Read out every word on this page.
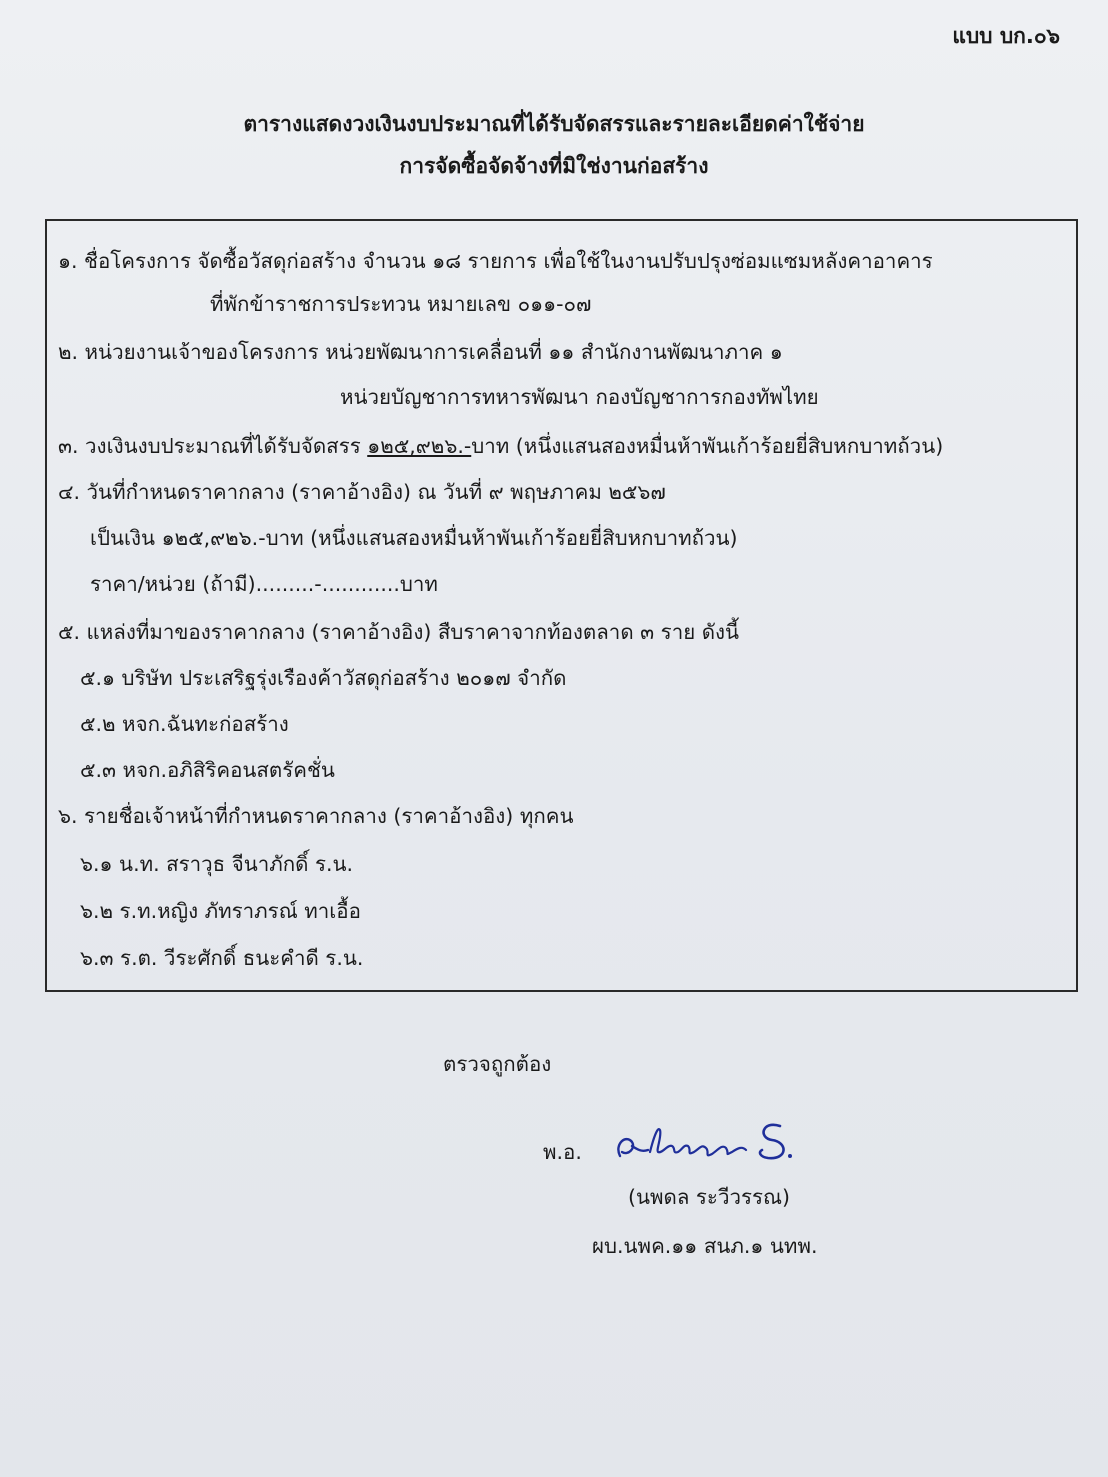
แบบ บก.๐๖
ตารางแสดงวงเงินงบประมาณที่ได้รับจัดสรรและรายละเอียดค่าใช้จ่าย
การจัดซื้อจัดจ้างที่มิใช่งานก่อสร้าง
๑. ชื่อโครงการ จัดซื้อวัสดุก่อสร้าง จำนวน ๑๘ รายการ เพื่อใช้ในงานปรับปรุงซ่อมแซมหลังคาอาคาร
ที่พักข้าราชการประทวน หมายเลข ๐๑๑-๐๗
๒. หน่วยงานเจ้าของโครงการ หน่วยพัฒนาการเคลื่อนที่ ๑๑ สำนักงานพัฒนาภาค ๑
หน่วยบัญชาการทหารพัฒนา กองบัญชาการกองทัพไทย
๓. วงเงินงบประมาณที่ได้รับจัดสรร ๑๒๕,๙๒๖.-บาท (หนึ่งแสนสองหมื่นห้าพันเก้าร้อยยี่สิบหกบาทถ้วน)
๔. วันที่กำหนดราคากลาง (ราคาอ้างอิง) ณ วันที่ ๙ พฤษภาคม ๒๕๖๗
เป็นเงิน ๑๒๕,๙๒๖.-บาท (หนึ่งแสนสองหมื่นห้าพันเก้าร้อยยี่สิบหกบาทถ้วน)
ราคา/หน่วย (ถ้ามี).........-............บาท
๕. แหล่งที่มาของราคากลาง (ราคาอ้างอิง) สืบราคาจากท้องตลาด ๓ ราย ดังนี้
๕.๑ บริษัท ประเสริฐรุ่งเรืองค้าวัสดุก่อสร้าง ๒๐๑๗ จำกัด
๕.๒ หจก.ฉันทะก่อสร้าง
๕.๓ หจก.อภิสิริคอนสตรัคชั่น
๖. รายชื่อเจ้าหน้าที่กำหนดราคากลาง (ราคาอ้างอิง) ทุกคน
๖.๑ น.ท. สราวุธ จีนาภักดิ์ ร.น.
๖.๒ ร.ท.หญิง ภัทราภรณ์ ทาเอื้อ
๖.๓ ร.ต. วีระศักดิ์ ธนะคำดี ร.น.
ตรวจถูกต้อง
พ.อ.
(นพดล ระวีวรรณ)
ผบ.นพค.๑๑ สนภ.๑ นทพ.
